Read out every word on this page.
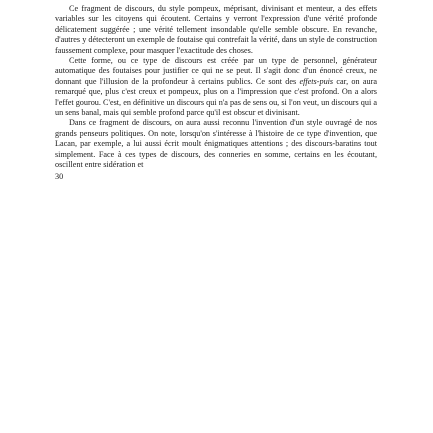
Ce fragment de discours, du style pompeux, méprisant, divinisant et menteur, a des effets variables sur les citoyens qui écoutent. Certains y verront l'expression d'une vérité profonde délicatement suggérée ; une vérité tellement insondable qu'elle semble obscure. En revanche, d'autres y détecteront un exemple de foutaise qui contrefait la vérité, dans un style de construction faussement complexe, pour masquer l'exactitude des choses.

Cette forme, ou ce type de discours est créée par un type de personnel, générateur automatique des foutaises pour justifier ce qui ne se peut. Il s'agit donc d'un énoncé creux, ne donnant que l'illusion de la profondeur à certains publics. Ce sont des effets-puis car, on aura remarqué que, plus c'est creux et pompeux, plus on a l'impression que c'est profond. On a alors l'effet gourou. C'est, en définitive un discours qui n'a pas de sens ou, si l'on veut, un discours qui a un sens banal, mais qui semble profond parce qu'il est obscur et divinisant.

Dans ce fragment de discours, on aura aussi reconnu l'invention d'un style ouvragé de nos grands penseurs politiques. On note, lorsqu'on s'intéresse à l'histoire de ce type d'invention, que Lacan, par exemple, a lui aussi écrit moult énigmatiques attentions ; des discours-baratins tout simplement. Face à ces types de discours, des conneries en somme, certains en les écoutant, oscillent entre sidération et

30
